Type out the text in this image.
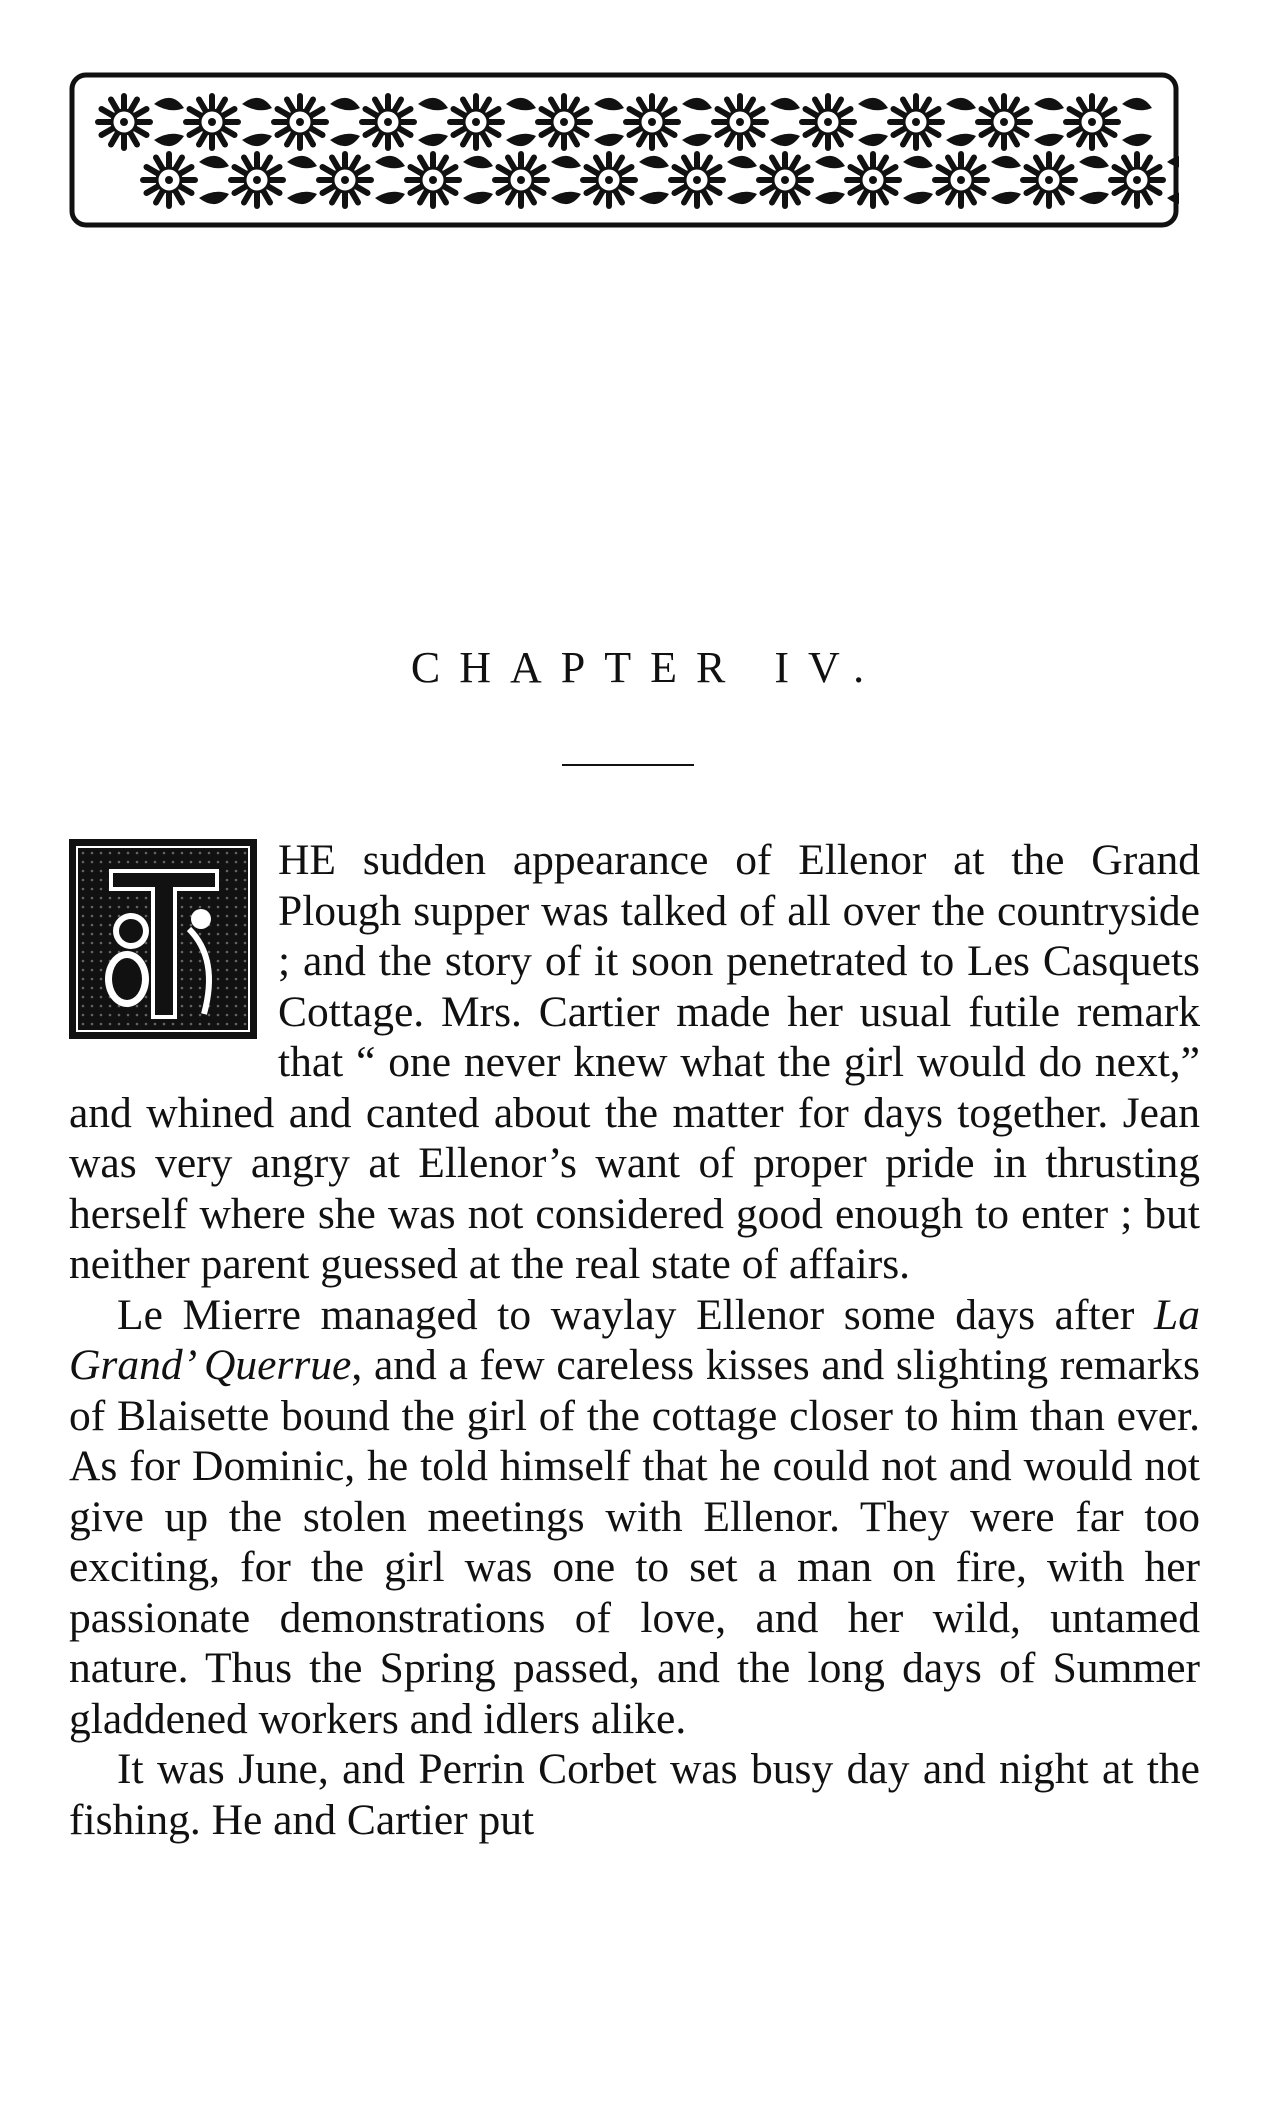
CHAPTER IV.

HE sudden appearance of Ellenor at the Grand Plough supper was talked of all over the countryside ; and the story of it soon penetrated to Les Casquets Cottage. Mrs. Cartier made her usual futile remark that “ one never knew what the girl would do next,” and whined and canted about the matter for days together. Jean was very angry at Ellenor’s want of proper pride in thrusting herself where she was not considered good enough to enter ; but neither parent guessed at the real state of affairs.

Le Mierre managed to waylay Ellenor some days after La Grand’ Querrue, and a few careless kisses and slighting remarks of Blaisette bound the girl of the cottage closer to him than ever. As for Dominic, he told himself that he could not and would not give up the stolen meetings with Ellenor. They were far too exciting, for the girl was one to set a man on fire, with her passionate demonstrations of love, and her wild, untamed nature. Thus the Spring passed, and the long days of Summer gladdened workers and idlers alike.

It was June, and Perrin Corbet was busy day and night at the fishing. He and Cartier put
